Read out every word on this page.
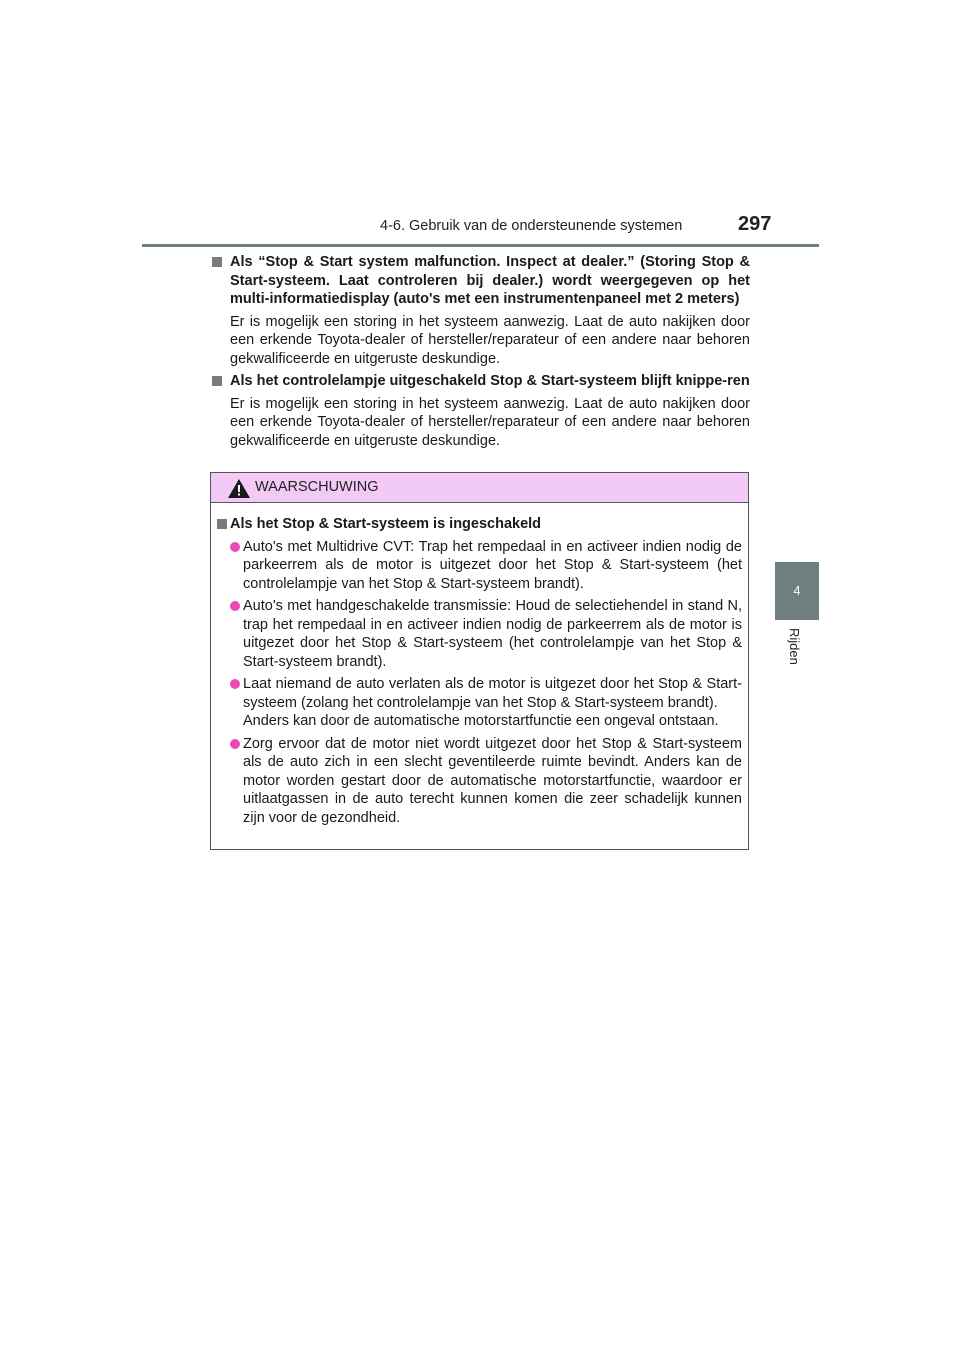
4-6. Gebruik van de ondersteunende systemen	297
4
Rijden
Als “Stop & Start system malfunction. Inspect at dealer.” (Storing Stop & Start-systeem. Laat controleren bij dealer.) wordt weergegeven op het multi-informatiedisplay (auto's met een instrumentenpaneel met 2 meters)
Er is mogelijk een storing in het systeem aanwezig. Laat de auto nakijken door een erkende Toyota-dealer of hersteller/reparateur of een andere naar behoren gekwalificeerde en uitgeruste deskundige.
Als het controlelampje uitgeschakeld Stop & Start-systeem blijft knippe-ren
Er is mogelijk een storing in het systeem aanwezig. Laat de auto nakijken door een erkende Toyota-dealer of hersteller/reparateur of een andere naar behoren gekwalificeerde en uitgeruste deskundige.
WAARSCHUWING
Als het Stop & Start-systeem is ingeschakeld
Auto's met Multidrive CVT: Trap het rempedaal in en activeer indien nodig de parkeerrem als de motor is uitgezet door het Stop & Start-systeem (het controlelampje van het Stop & Start-systeem brandt).
Auto's met handgeschakelde transmissie: Houd de selectiehendel in stand N, trap het rempedaal in en activeer indien nodig de parkeerrem als de motor is uitgezet door het Stop & Start-systeem (het controlelampje van het Stop & Start-systeem brandt).
Laat niemand de auto verlaten als de motor is uitgezet door het Stop & Start-systeem (zolang het controlelampje van het Stop & Start-systeem brandt).
Anders kan door de automatische motorstartfunctie een ongeval ontstaan.
Zorg ervoor dat de motor niet wordt uitgezet door het Stop & Start-systeem als de auto zich in een slecht geventileerde ruimte bevindt. Anders kan de motor worden gestart door de automatische motorstartfunctie, waardoor er uitlaatgassen in de auto terecht kunnen komen die zeer schadelijk kunnen zijn voor de gezondheid.
